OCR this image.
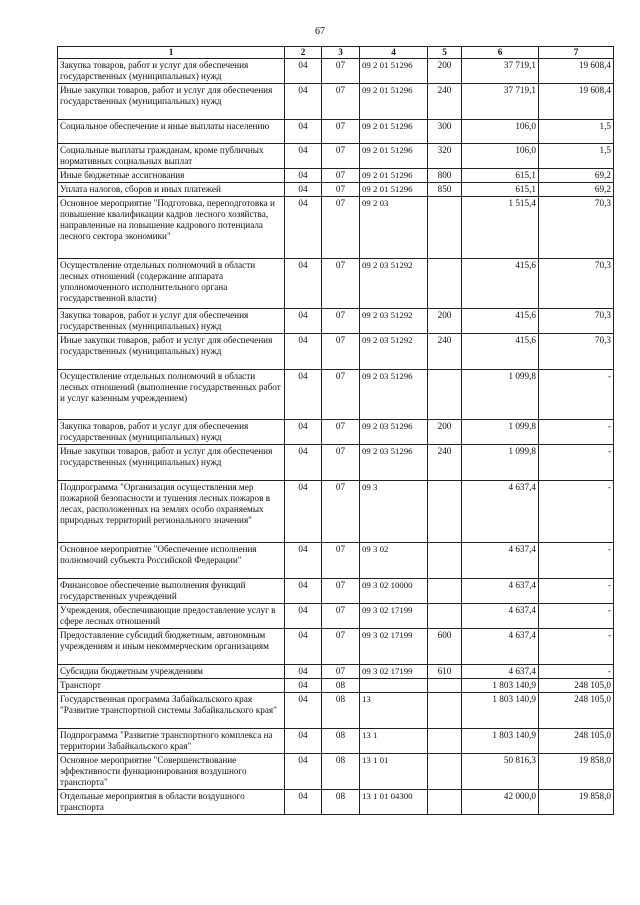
67
1	2	3	4	5	6	7
Закупка товаров, работ и услуг для обеспечения государственных (муниципальных) нужд	04	07	09 2 01 51296	200	37 719,1	19 608,4
Иные закупки товаров, работ и услуг для обеспечения государственных (муниципальных) нужд	04	07	09 2 01 51296	240	37 719,1	19 608,4
Социальное обеспечение и иные выплаты населению	04	07	09 2 01 51296	300	106,0	1,5
Социальные выплаты гражданам, кроме публичных нормативных социальных выплат	04	07	09 2 01 51296	320	106,0	1,5
Иные бюджетные ассигнования	04	07	09 2 01 51296	800	615,1	69,2
Уплата налогов, сборов и иных платежей	04	07	09 2 01 51296	850	615,1	69,2
Основное мероприятие "Подготовка, переподготовка и повышение квалификации кадров лесного хозяйства, направленные на повышение кадрового потенциала лесного сектора экономики"	04	07	09 2 03		1 515,4	70,3
Осуществление отдельных полномочий в области лесных отношений (содержание аппарата уполномоченного исполнительного органа государственной власти)	04	07	09 2 03 51292		415,6	70,3
Закупка товаров, работ и услуг для обеспечения государственных (муниципальных) нужд	04	07	09 2 03 51292	200	415,6	70,3
Иные закупки товаров, работ и услуг для обеспечения государственных (муниципальных) нужд	04	07	09 2 03 51292	240	415,6	70,3
Осуществление отдельных полномочий в области лесных отношений (выполнение государственных работ и услуг казенным учреждением)	04	07	09 2 03 51296		1 099,8	-
Закупка товаров, работ и услуг для обеспечения государственных (муниципальных) нужд	04	07	09 2 03 51296	200	1 099,8	-
Иные закупки товаров, работ и услуг для обеспечения государственных (муниципальных) нужд	04	07	09 2 03 51296	240	1 099,8	-
Подпрограмма "Организация осуществления мер пожарной безопасности и тушения лесных пожаров в лесах, расположенных на землях особо охраняемых природных территорий регионального значения"	04	07	09 3		4 637,4	-
Основное мероприятие "Обеспечение исполнения полномочий субъекта Российской Федерации"	04	07	09 3 02		4 637,4	-
Финансовое обеспечение выполнения функций государственных учреждений	04	07	09 3 02 10000		4 637,4	-
Учреждения, обеспечивающие предоставление услуг в сфере лесных отношений	04	07	09 3 02 17199		4 637,4	-
Предоставление субсидий бюджетным, автономным учреждениям и иным некоммерческим организациям	04	07	09 3 02 17199	600	4 637,4	-
Субсидии бюджетным учреждениям	04	07	09 3 02 17199	610	4 637,4	-
Транспорт	04	08			1 803 140,9	248 105,0
Государственная программа Забайкальского края "Развитие транспортной системы Забайкальского края"	04	08	13		1 803 140,9	248 105,0
Подпрограмма "Развитие транспортного комплекса на территории Забайкальского края"	04	08	13 1		1 803 140,9	248 105,0
Основное мероприятие "Совершенствование эффективности функционирования воздушного транспорта"	04	08	13 1 01		50 816,3	19 858,0
Отдельные мероприятия в области воздушного транспорта	04	08	13 1 01 04300		42 000,0	19 858,0
